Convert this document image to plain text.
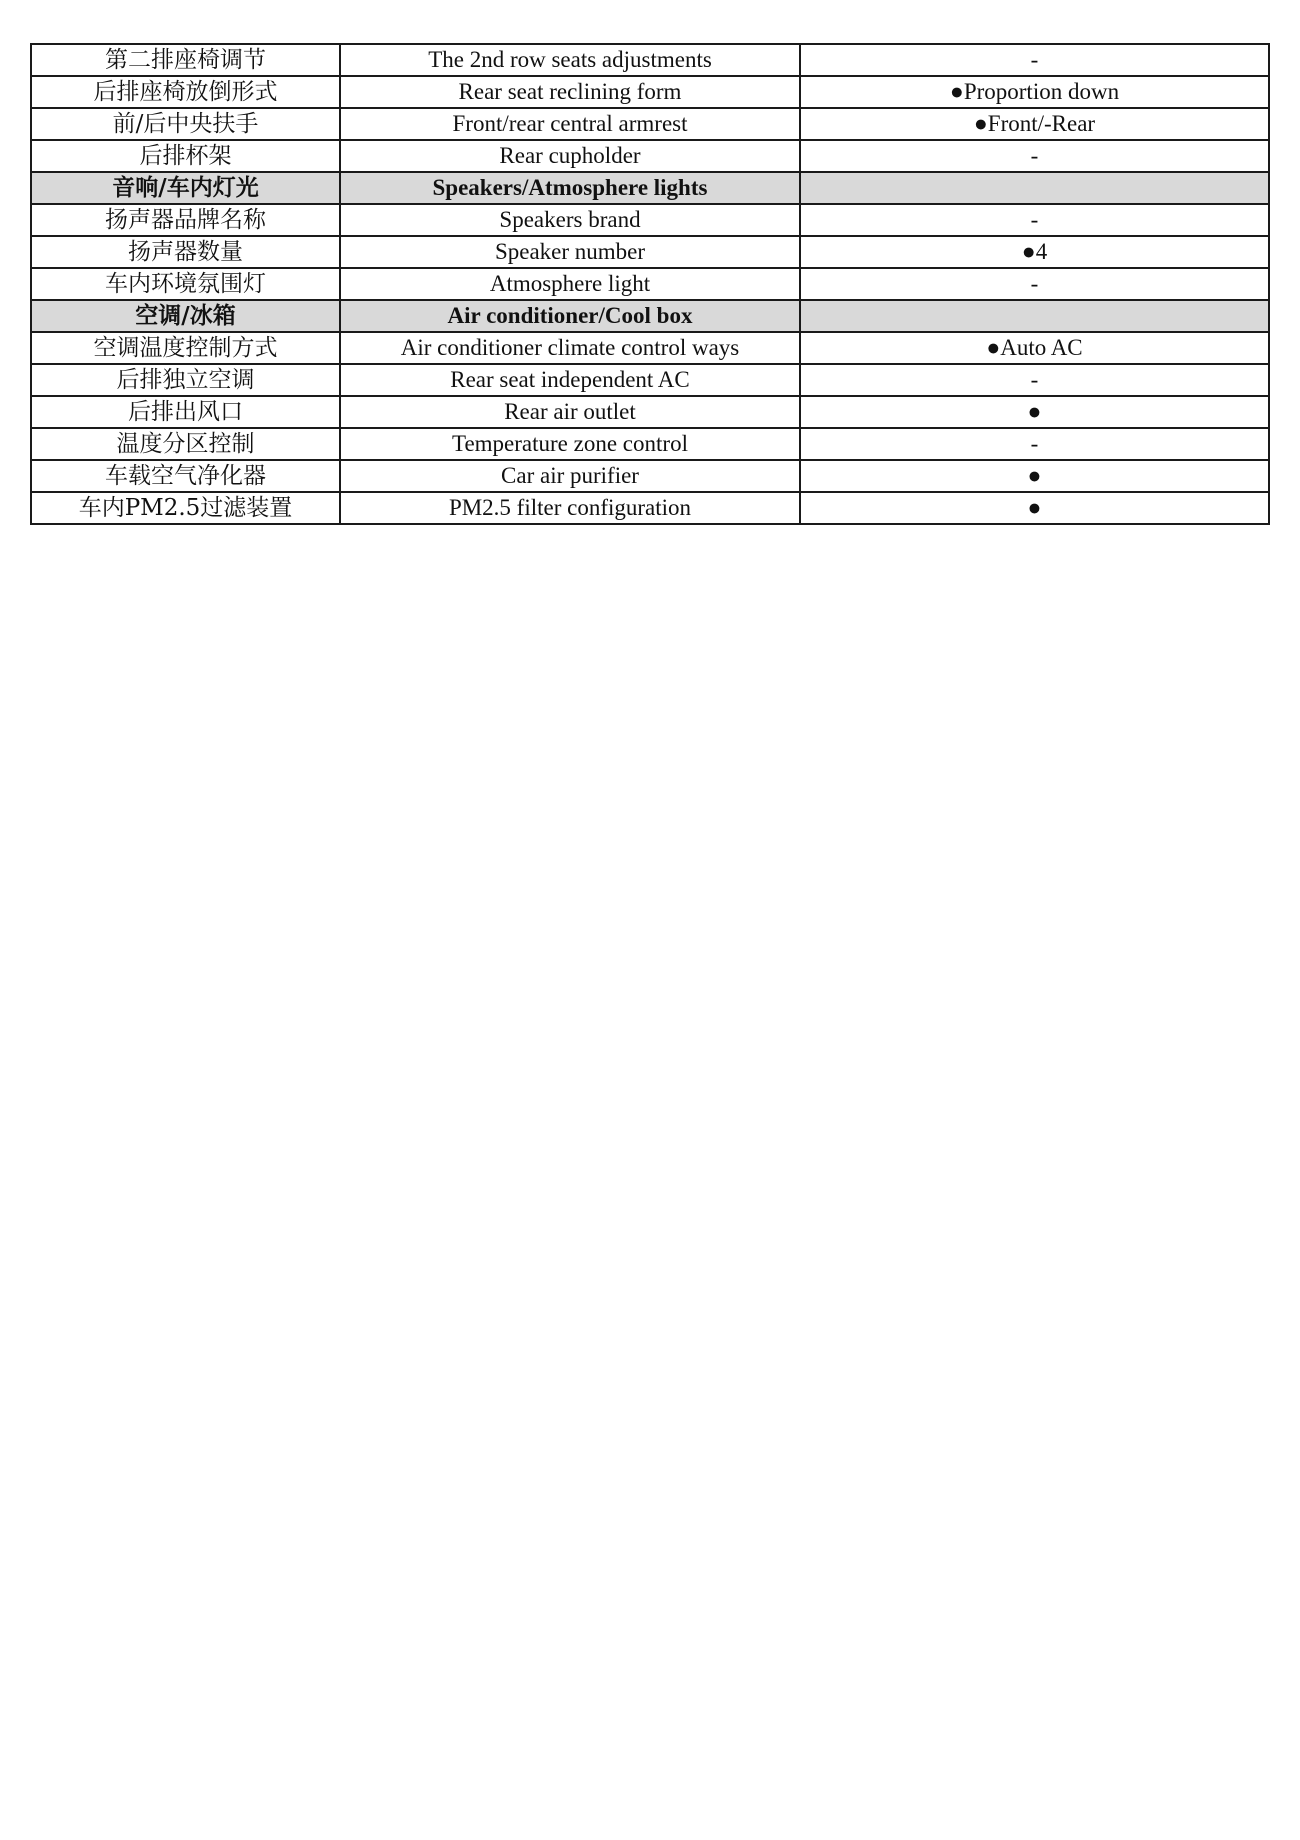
第二排座椅调节	The 2nd row seats adjustments	-
后排座椅放倒形式	Rear seat reclining form	●Proportion down
前/后中央扶手	Front/rear central armrest	●Front/-Rear
后排杯架	Rear cupholder	-
音响/车内灯光	Speakers/Atmosphere lights	
扬声器品牌名称	Speakers brand	-
扬声器数量	Speaker number	●4
车内环境氛围灯	Atmosphere light	-
空调/冰箱	Air conditioner/Cool box	
空调温度控制方式	Air conditioner climate control ways	●Auto AC
后排独立空调	Rear seat independent AC	-
后排出风口	Rear air outlet	●
温度分区控制	Temperature zone control	-
车载空气净化器	Car air purifier	●
车内PM2.5过滤装置	PM2.5 filter configuration	●
